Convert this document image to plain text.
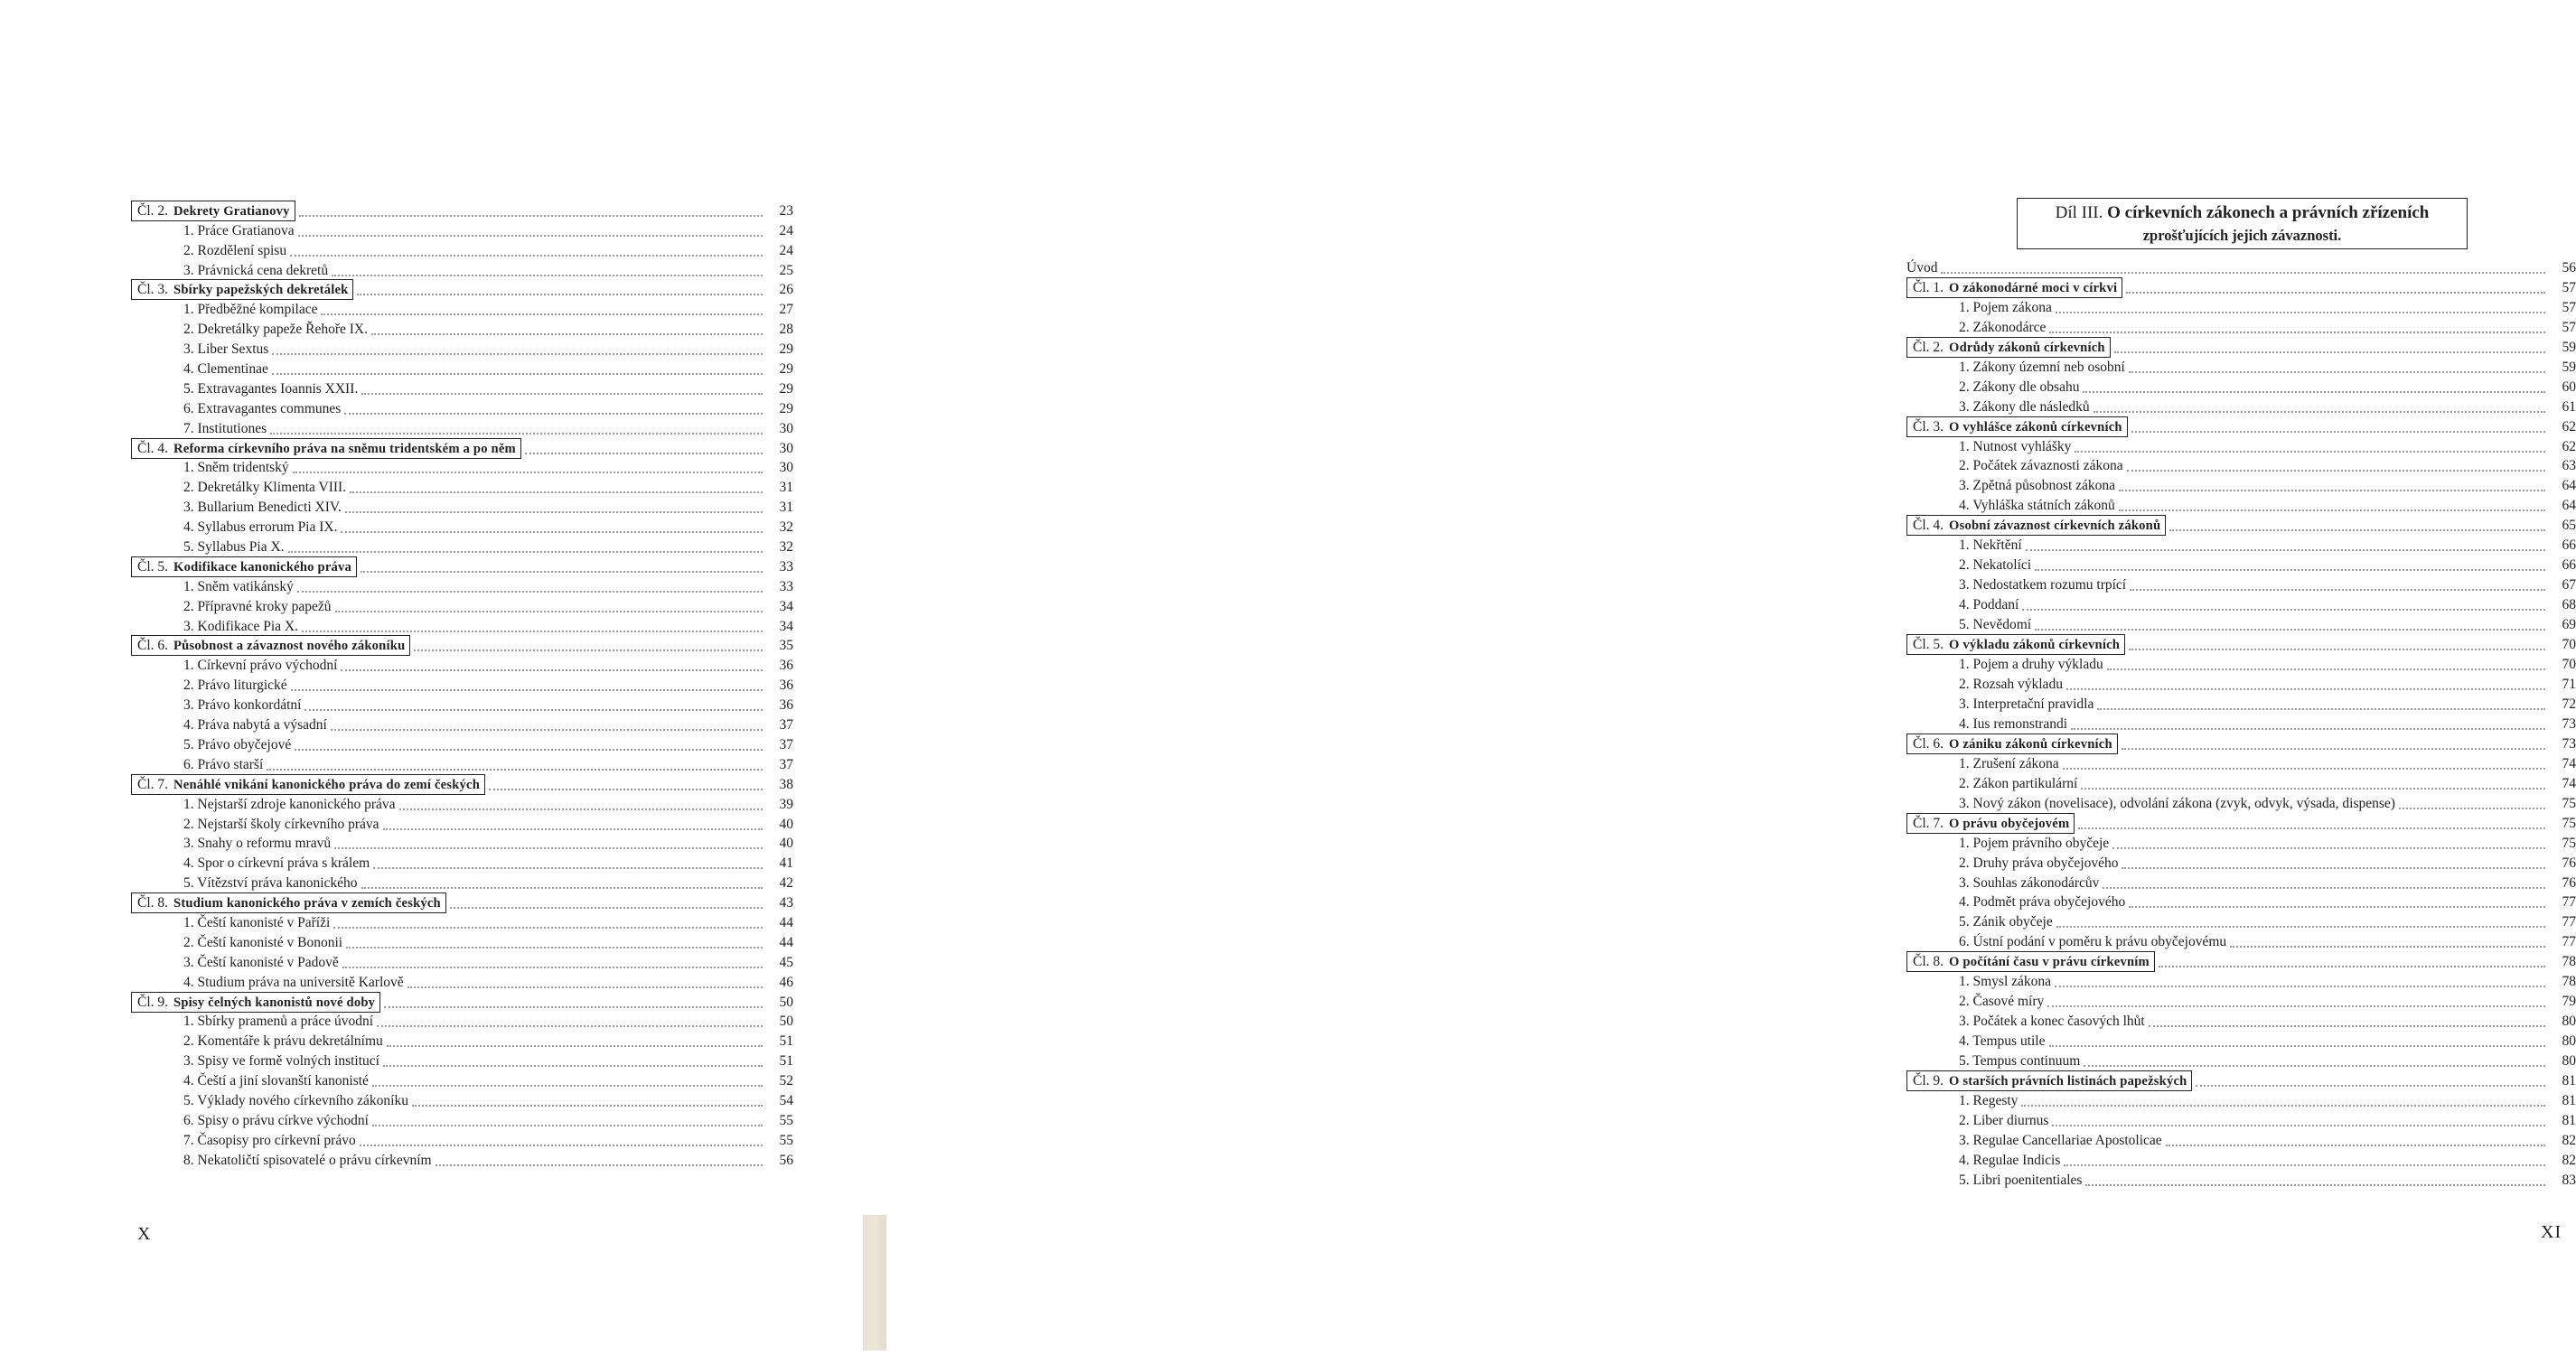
Čl. 2. Dekrety Gratianovy	23
1. Práce Gratianova	24
2. Rozdělení spisu	24
3. Právnická cena dekretů	25
Čl. 3. Sbírky papežských dekretálek	26
1. Předběžné kompilace	27
2. Dekretálky papeže Řehoře IX.	28
3. Liber Sextus	29
4. Clementinae	29
5. Extravagantes Ioannis XXII.	29
6. Extravagantes communes	29
7. Institutiones	30
Čl. 4. Reforma církevního práva na sněmu tridentském a po něm	30
1. Sněm tridentský	30
2. Dekretálky Klimenta VIII.	31
3. Bullarium Benedicti XIV.	31
4. Syllabus errorum Pia IX.	32
5. Syllabus Pia X.	32
Čl. 5. Kodifikace kanonického práva	33
1. Sněm vatikánský	33
2. Přípravné kroky papežů	34
3. Kodifikace Pia X.	34
Čl. 6. Působnost a závaznost nového zákoníku	35
1. Církevní právo východní	36
2. Právo liturgické	36
3. Právo konkordátní	36
4. Práva nabytá a výsadní	37
5. Právo obyčejové	37
6. Právo starší	37
Čl. 7. Nenáhlé vnikání kanonického práva do zemí českých	38
1. Nejstarší zdroje kanonického práva	39
2. Nejstarší školy církevního práva	40
3. Snahy o reformu mravů	40
4. Spor o církevní práva s králem	41
5. Vítězství práva kanonického	42
Čl. 8. Studium kanonického práva v zemích českých	43
1. Čeští kanonisté v Paříži	44
2. Čeští kanonisté v Bononii	44
3. Čeští kanonisté v Padově	45
4. Studium práva na universitě Karlově	46
Čl. 9. Spisy čelných kanonistů nové doby	50
1. Sbírky pramenů a práce úvodní	50
2. Komentáře k právu dekretálnímu	51
3. Spisy ve formě volných institucí	51
4. Čeští a jiní slovanští kanonisté	52
5. Výklady nového církevního zákoníku	54
6. Spisy o právu církve východní	55
7. Časopisy pro církevní právo	55
8. Nekatoličtí spisovatelé o právu církevním	56
X
Díl III. O církevních zákonech a právních zřízeních
zprošťujících jejich závaznosti.
Úvod	56
Čl. 1. O zákonodárné moci v církvi	57
1. Pojem zákona	57
2. Zákonodárce	57
Čl. 2. Odrůdy zákonů církevních	59
1. Zákony územní neb osobní	59
2. Zákony dle obsahu	60
3. Zákony dle následků	61
Čl. 3. O vyhlášce zákonů církevních	62
1. Nutnost vyhlášky	62
2. Počátek závaznosti zákona	63
3. Zpětná působnost zákona	64
4. Vyhláška státních zákonů	64
Čl. 4. Osobní závaznost církevních zákonů	65
1. Nekřtění	66
2. Nekatolíci	66
3. Nedostatkem rozumu trpící	67
4. Poddaní	68
5. Nevědomí	69
Čl. 5. O výkladu zákonů církevních	70
1. Pojem a druhy výkladu	70
2. Rozsah výkladu	71
3. Interpretační pravidla	72
4. Ius remonstrandi	73
Čl. 6. O zániku zákonů církevních	73
1. Zrušení zákona	74
2. Zákon partikulární	74
3. Nový zákon (novelisace), odvolání zákona (zvyk, odvyk, výsada, dispense)	75
Čl. 7. O právu obyčejovém	75
1. Pojem právního obyčeje	75
2. Druhy práva obyčejového	76
3. Souhlas zákonodárcův	76
4. Podmět práva obyčejového	77
5. Zánik obyčeje	77
6. Ústní podání v poměru k právu obyčejovému	77
Čl. 8. O počítání času v právu církevním	78
1. Smysl zákona	78
2. Časové míry	79
3. Počátek a konec časových lhůt	80
4. Tempus utile	80
5. Tempus continuum	80
Čl. 9. O starších právních listinách papežských	81
1. Regesty	81
2. Liber diurnus	81
3. Regulae Cancellariae Apostolicae	82
4. Regulae Indicis	82
5. Libri poenitentiales	83
XI
